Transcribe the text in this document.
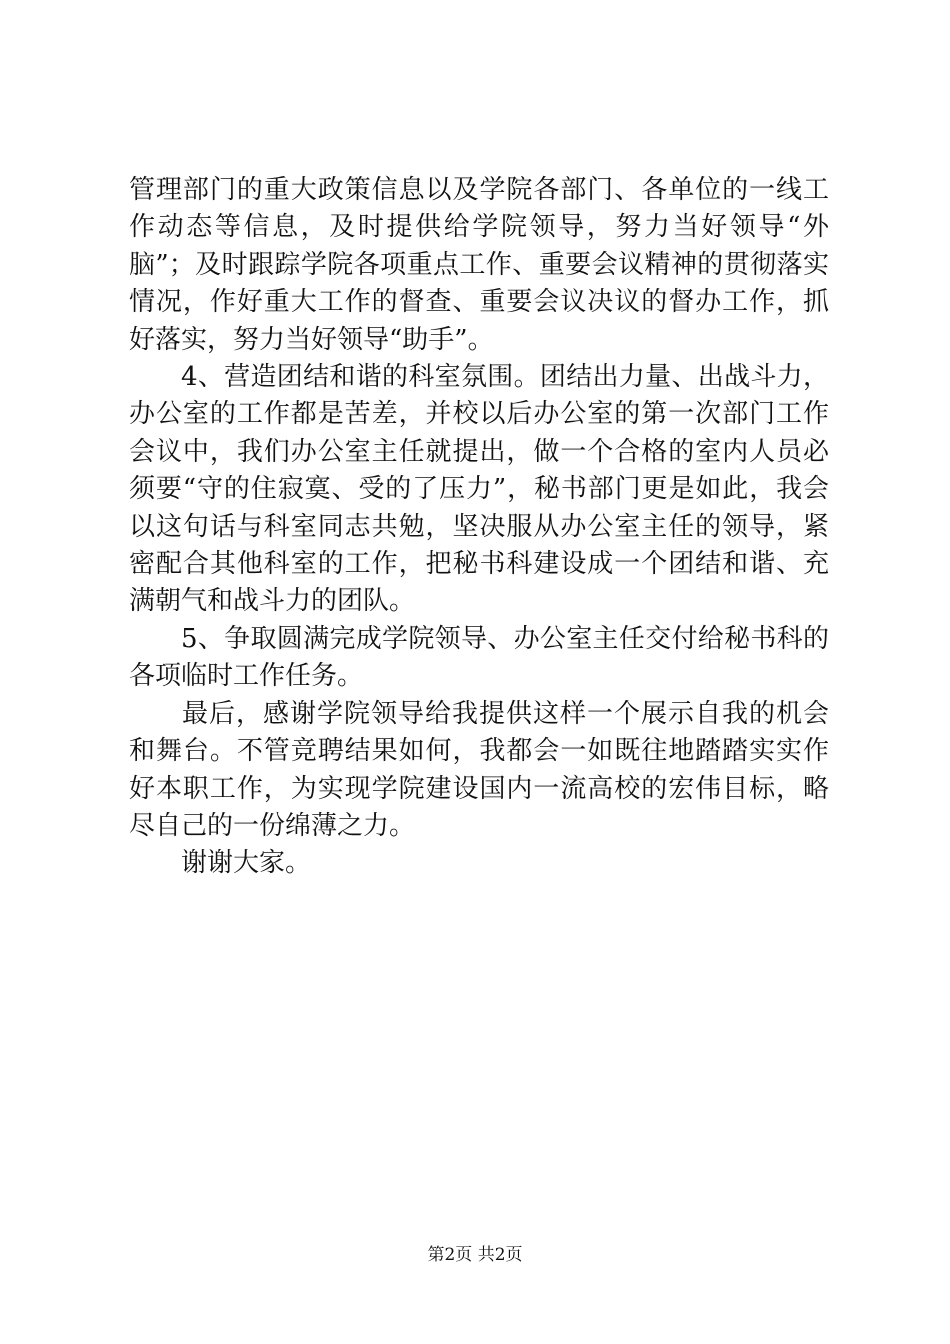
管理部门的重大政策信息以及学院各部门、各单位的一线工作动态等信息，及时提供给学院领导，努力当好领导“外脑”；及时跟踪学院各项重点工作、重要会议精神的贯彻落实情况，作好重大工作的督查、重要会议决议的督办工作，抓好落实，努力当好领导“助手”。

4、营造团结和谐的科室氛围。团结出力量、出战斗力，办公室的工作都是苦差，并校以后办公室的第一次部门工作会议中，我们办公室主任就提出，做一个合格的室内人员必须要“守的住寂寞、受的了压力”，秘书部门更是如此，我会以这句话与科室同志共勉，坚决服从办公室主任的领导，紧密配合其他科室的工作，把秘书科建设成一个团结和谐、充满朝气和战斗力的团队。

5、争取圆满完成学院领导、办公室主任交付给秘书科的各项临时工作任务。

最后，感谢学院领导给我提供这样一个展示自我的机会和舞台。不管竞聘结果如何，我都会一如既往地踏踏实实作好本职工作，为实现学院建设国内一流高校的宏伟目标，略尽自己的一份绵薄之力。

谢谢大家。

第2页 共2页
